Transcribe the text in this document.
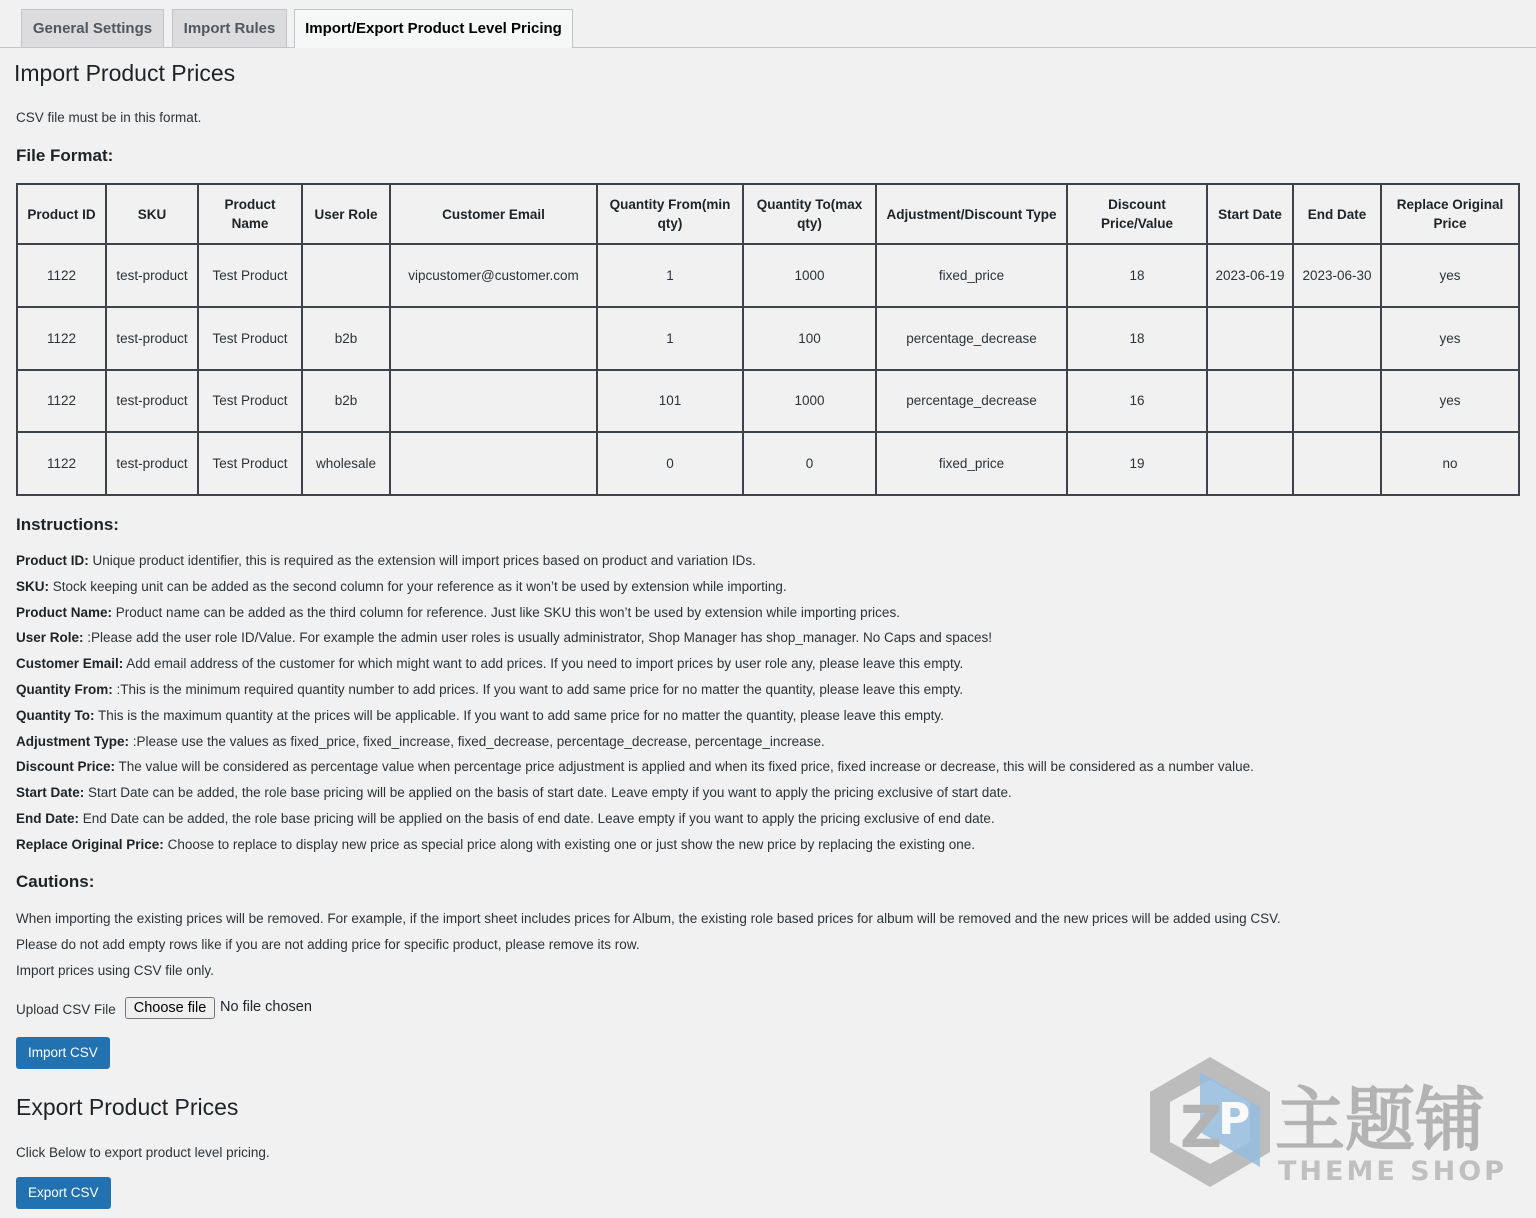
General Settings	Import Rules	Import/Export Product Level Pricing
Import Product Prices

CSV file must be in this format.

File Format:
Product ID	SKU	Product Name	User Role	Customer Email	Quantity From(min qty)	Quantity To(max qty)	Adjustment/Discount Type	Discount Price/Value	Start Date	End Date	Replace Original Price
1122	test-product	Test Product		vipcustomer@customer.com	1	1000	fixed_price	18	2023-06-19	2023-06-30	yes
1122	test-product	Test Product	b2b		1	100	percentage_decrease	18			yes
1122	test-product	Test Product	b2b		101	1000	percentage_decrease	16			yes
1122	test-product	Test Product	wholesale		0	0	fixed_price	19			no
Instructions:

Product ID: Unique product identifier, this is required as the extension will import prices based on product and variation IDs.

SKU: Stock keeping unit can be added as the second column for your reference as it won’t be used by extension while importing.

Product Name: Product name can be added as the third column for reference. Just like SKU this won’t be used by extension while importing prices.

User Role: :Please add the user role ID/Value. For example the admin user roles is usually administrator, Shop Manager has shop_manager. No Caps and spaces!

Customer Email: Add email address of the customer for which might want to add prices. If you need to import prices by user role any, please leave this empty.

Quantity From: :This is the minimum required quantity number to add prices. If you want to add same price for no matter the quantity, please leave this empty.

Quantity To: This is the maximum quantity at the prices will be applicable. If you want to add same price for no matter the quantity, please leave this empty.

Adjustment Type: :Please use the values as fixed_price, fixed_increase, fixed_decrease, percentage_decrease, percentage_increase.

Discount Price: The value will be considered as percentage value when percentage price adjustment is applied and when its fixed price, fixed increase or decrease, this will be considered as a number value.

Start Date: Start Date can be added, the role base pricing will be applied on the basis of start date. Leave empty if you want to apply the pricing exclusive of start date.

End Date: End Date can be added, the role base pricing will be applied on the basis of end date. Leave empty if you want to apply the pricing exclusive of end date.

Replace Original Price: Choose to replace to display new price as special price along with existing one or just show the new price by replacing the existing one.

Cautions:

When importing the existing prices will be removed. For example, if the import sheet includes prices for Album, the existing role based prices for album will be removed and the new prices will be added using CSV.

Please do not add empty rows like if you are not adding price for specific product, please remove its row.

Import prices using CSV file only.

Upload CSV File	Choose file No file chosen
Import CSV
Export Product Prices

Click Below to export product level pricing.

Export CSV
Z
P 主题铺
THEME SHOP
